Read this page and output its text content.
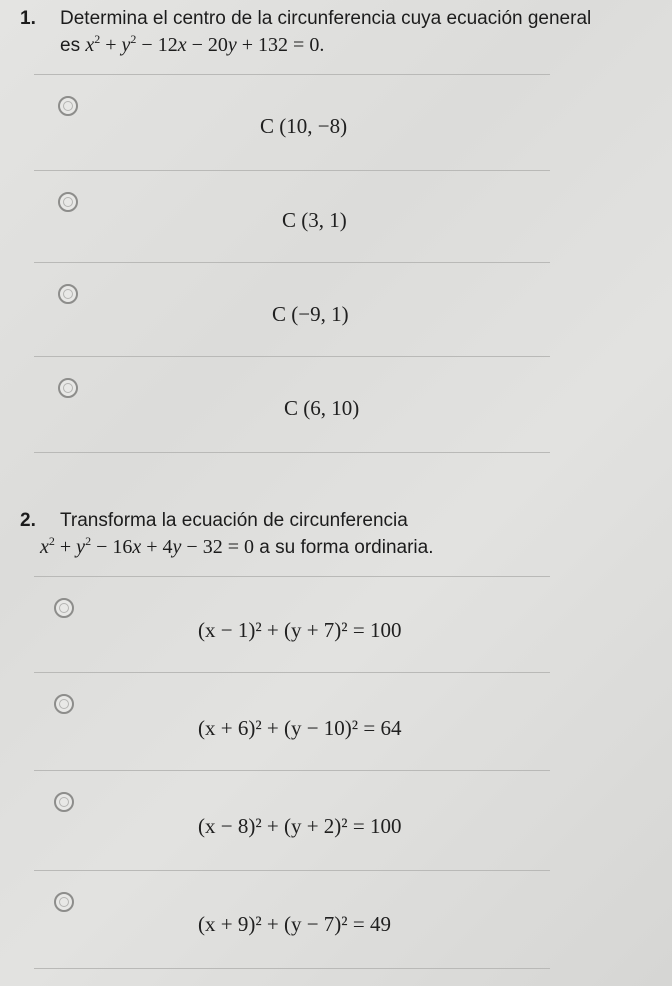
1. Determina el centro de la circunferencia cuya ecuación general
es $x^2 + y^2 - 12x - 20y + 132 = 0$.
C (10, −8)
C (3, 1)
C (−9, 1)
C (6, 10)
2. Transforma la ecuación de circunferencia
$x^2 + y^2 - 16x + 4y - 32 = 0$ a su forma ordinaria.
(x − 1)² + (y + 7)² = 100
(x + 6)² + (y − 10)² = 64
(x − 8)² + (y + 2)² = 100
(x + 9)² + (y − 7)² = 49
